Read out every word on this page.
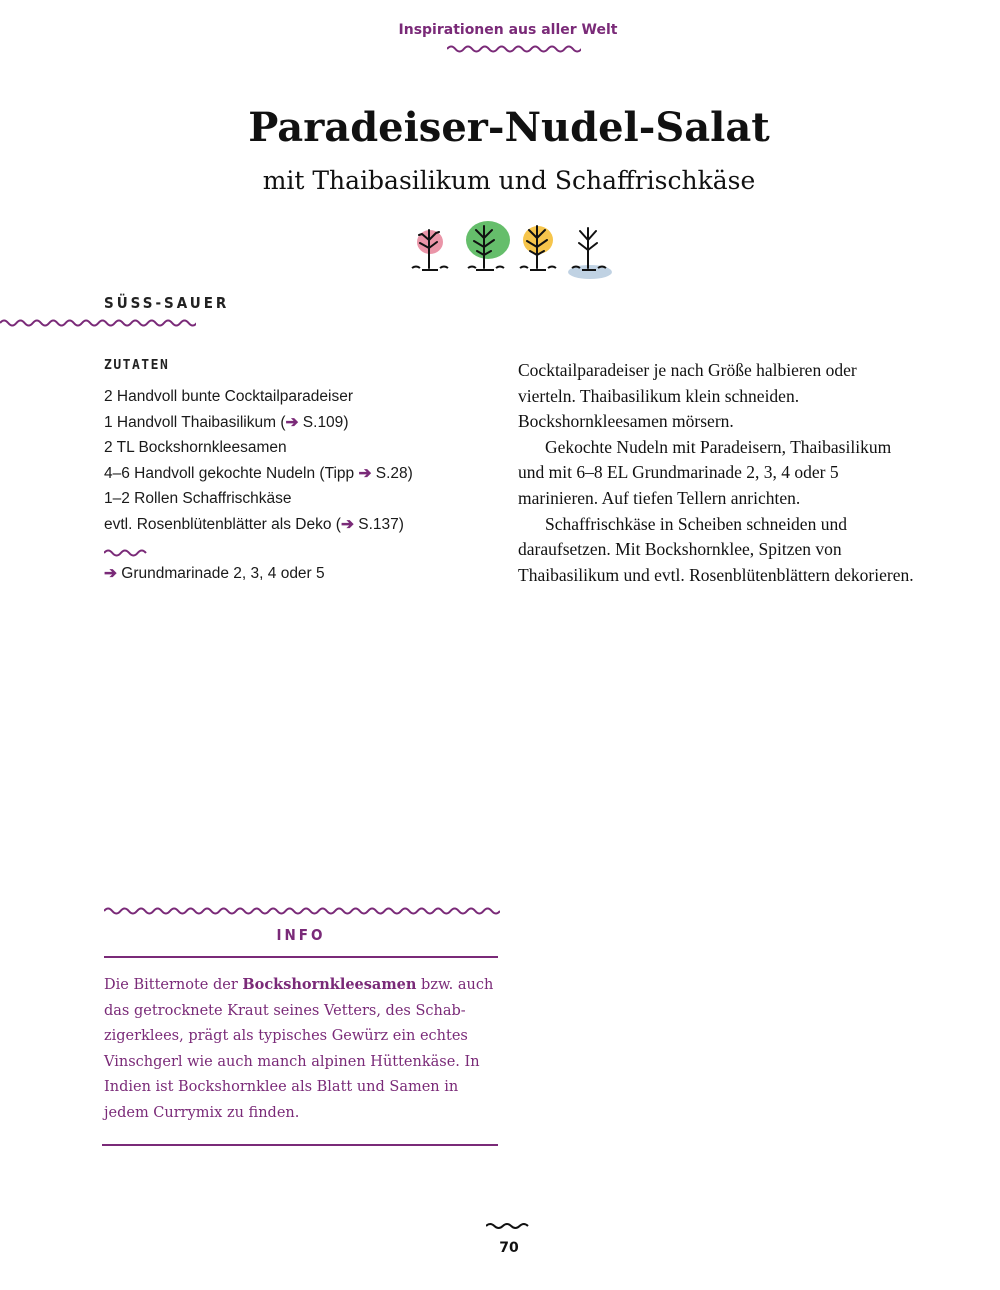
Inspirationen aus aller Welt
Paradeiser-Nudel-Salat
mit Thaibasilikum und Schaffrischkäse
SÜSS-SAUER
ZUTATEN
2 Handvoll bunte Cocktailparadeiser
1 Handvoll Thaibasilikum (➔ S.109)
2 TL Bockshornkleesamen
4–6 Handvoll gekochte Nudeln (Tipp ➔ S.28)
1–2 Rollen Schaffrischkäse
evtl. Rosenblütenblätter als Deko (➔ S.137)
➔ Grundmarinade 2, 3, 4 oder 5

Cocktailparadeiser je nach Größe halbieren oder vierteln. Thaibasilikum klein schneiden. Bockshornkleesamen mörsern.

Gekochte Nudeln mit Paradeisern, Thaibasilikum und mit 6–8 EL Grundmarinade 2, 3, 4 oder 5 marinieren. Auf tiefen Tellern anrichten.

Schaffrischkäse in Scheiben schneiden und daraufsetzen. Mit Bockshornklee, Spitzen von Thaibasilikum und evtl. Rosenblütenblättern dekorieren.

INFO
Die Bitternote der Bockshornkleesamen bzw. auch das getrocknete Kraut seines Vetters, des Schabzigerklees, prägt als typisches Gewürz ein echtes Vinschgerl wie auch manch alpinen Hüttenkäse. In Indien ist Bockshornklee als Blatt und Samen in jedem Currymix zu finden.
70
